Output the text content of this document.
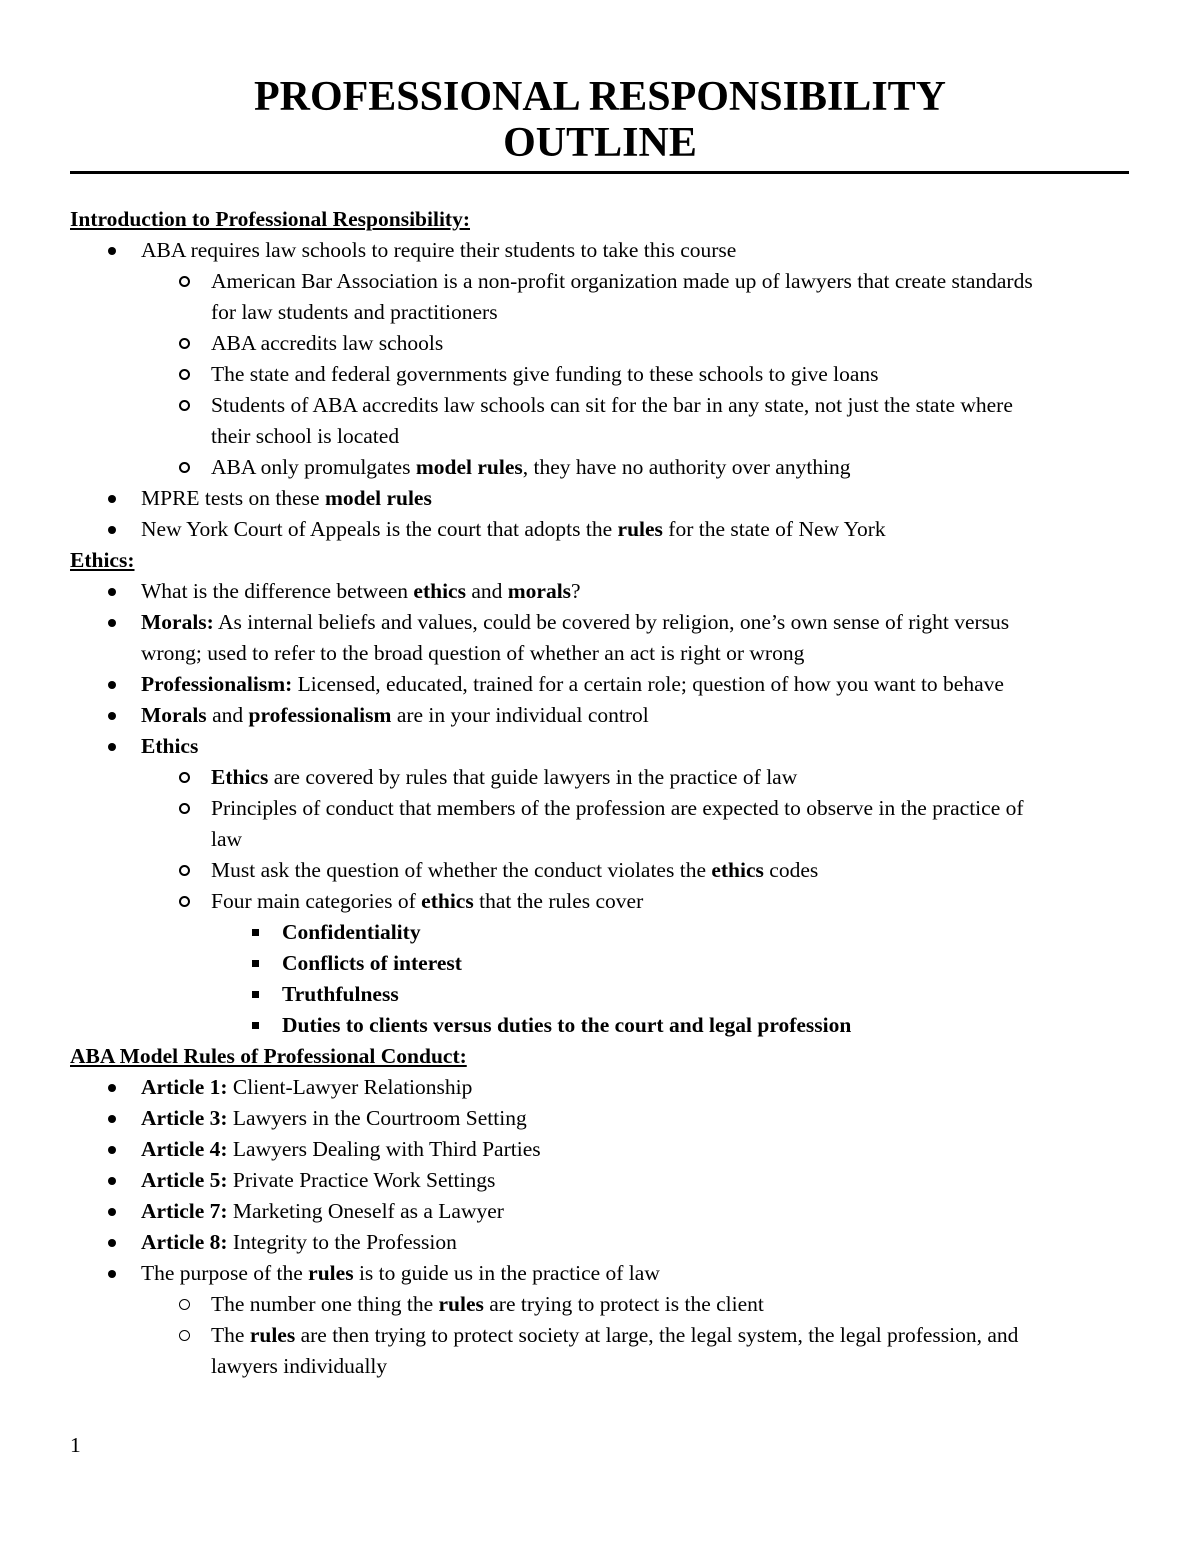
PROFESSIONAL RESPONSIBILITY
OUTLINE
Introduction to Professional Responsibility:
ABA requires law schools to require their students to take this course
American Bar Association is a non-profit organization made up of lawyers that create standards
for law students and practitioners
ABA accredits law schools
The state and federal governments give funding to these schools to give loans
Students of ABA accredits law schools can sit for the bar in any state, not just the state where
their school is located
ABA only promulgates model rules, they have no authority over anything
MPRE tests on these model rules
New York Court of Appeals is the court that adopts the rules for the state of New York
Ethics:
What is the difference between ethics and morals?
Morals: As internal beliefs and values, could be covered by religion, one’s own sense of right versus
wrong; used to refer to the broad question of whether an act is right or wrong
Professionalism: Licensed, educated, trained for a certain role; question of how you want to behave
Morals and professionalism are in your individual control
Ethics
Ethics are covered by rules that guide lawyers in the practice of law
Principles of conduct that members of the profession are expected to observe in the practice of
law
Must ask the question of whether the conduct violates the ethics codes
Four main categories of ethics that the rules cover
Confidentiality
Conflicts of interest
Truthfulness
Duties to clients versus duties to the court and legal profession
ABA Model Rules of Professional Conduct:
Article 1: Client-Lawyer Relationship
Article 3: Lawyers in the Courtroom Setting
Article 4: Lawyers Dealing with Third Parties
Article 5: Private Practice Work Settings
Article 7: Marketing Oneself as a Lawyer
Article 8: Integrity to the Profession
The purpose of the rules is to guide us in the practice of law
The number one thing the rules are trying to protect is the client
The rules are then trying to protect society at large, the legal system, the legal profession, and
lawyers individually
1
